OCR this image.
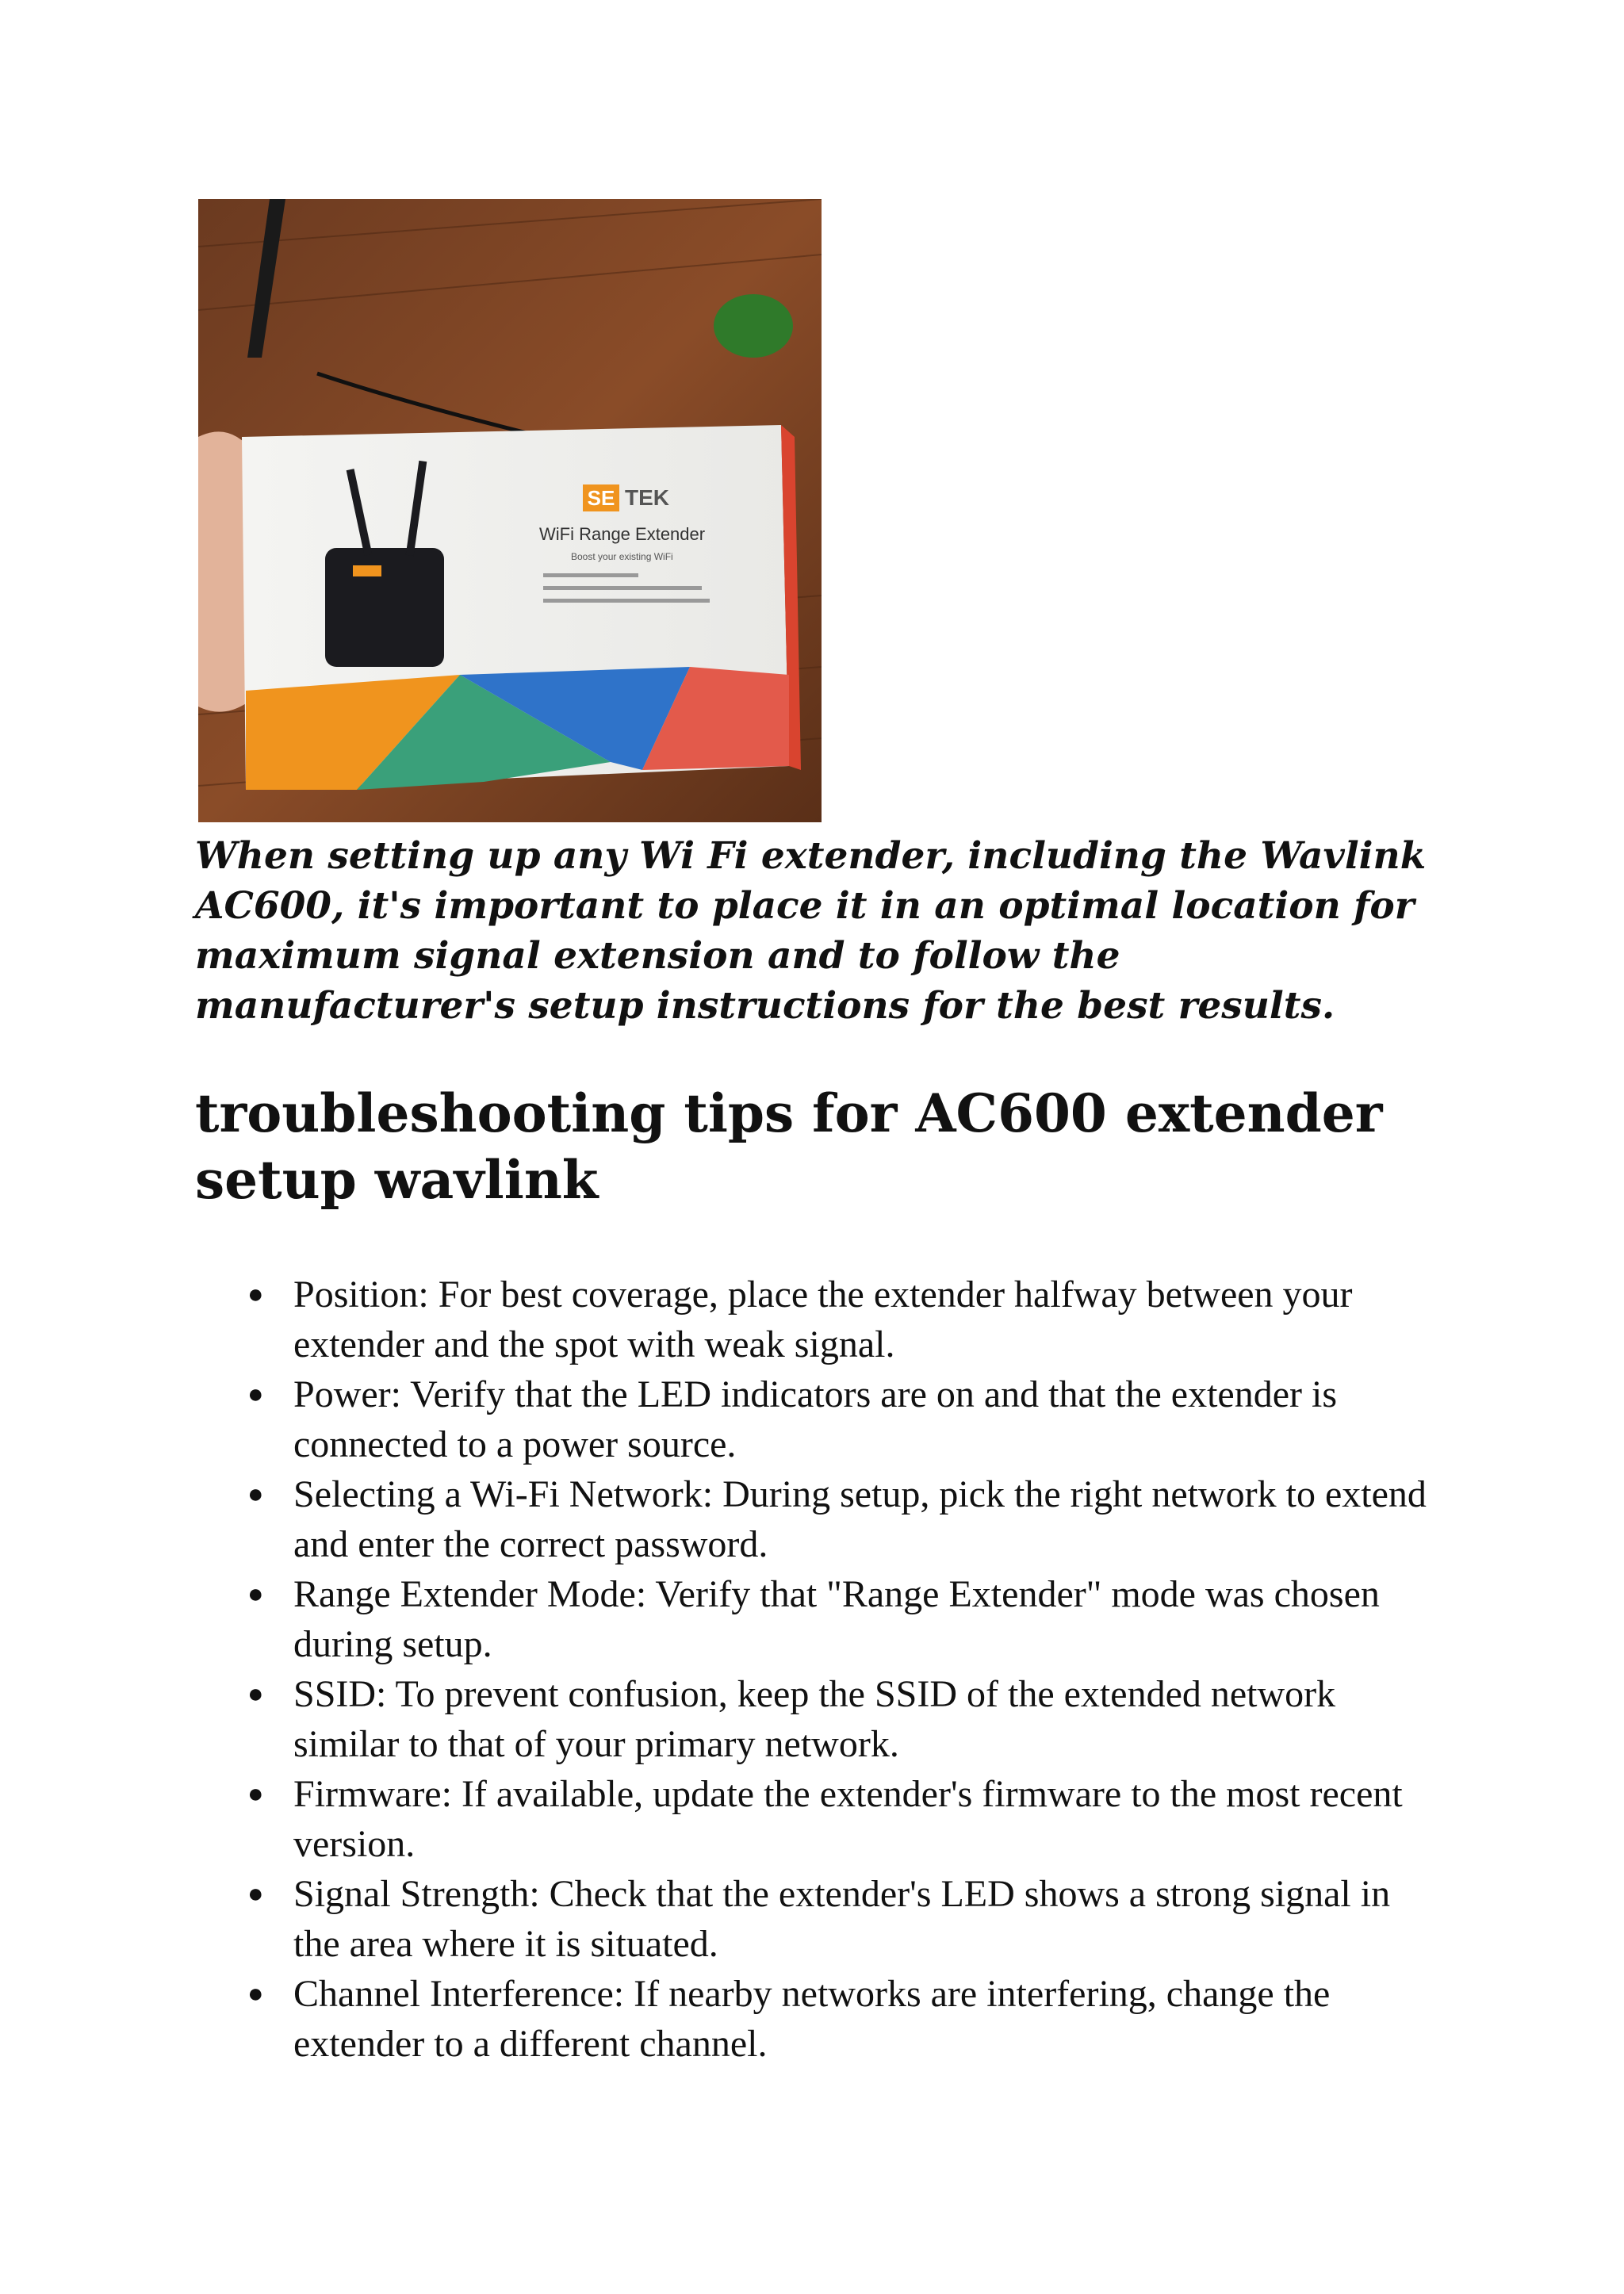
SE TEK
WiFi Range Extender
Boost your existing WiFi

When setting up any Wi Fi extender, including the Wavlink AC600, it's important to place it in an optimal location for maximum signal extension and to follow the manufacturer's setup instructions for the best results.

troubleshooting tips for AC600 extender setup wavlink
● Position: For best coverage, place the extender halfway between your extender and the spot with weak signal.
● Power: Verify that the LED indicators are on and that the extender is connected to a power source.
● Selecting a Wi-Fi Network: During setup, pick the right network to extend and enter the correct password.
● Range Extender Mode: Verify that "Range Extender" mode was chosen during setup.
● SSID: To prevent confusion, keep the SSID of the extended network similar to that of your primary network.
● Firmware: If available, update the extender's firmware to the most recent version.
● Signal Strength: Check that the extender's LED shows a strong signal in the area where it is situated.
● Channel Interference: If nearby networks are interfering, change the extender to a different channel.
